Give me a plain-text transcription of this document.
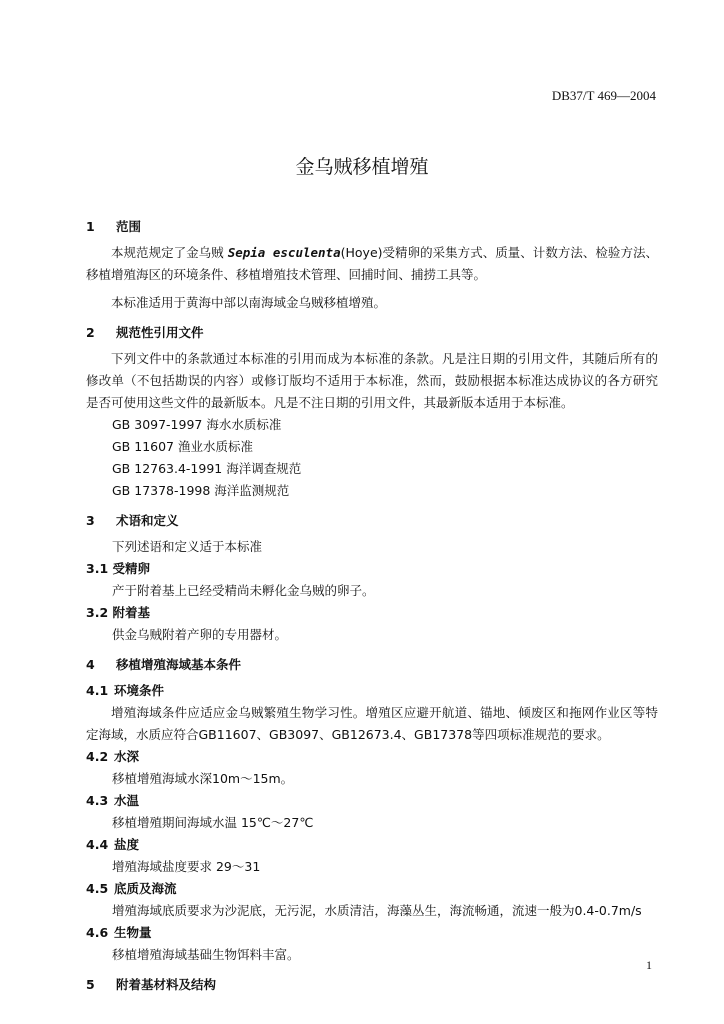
DB37/T 469—2004
金乌贼移植增殖
1 范围

本规范规定了金乌贼 Sepia esculenta(Hoye)受精卵的采集方式、质量、计数方法、检验方法、移植增殖海区的环境条件、移植增殖技术管理、回捕时间、捕捞工具等。

本标准适用于黄海中部以南海域金乌贼移植增殖。

2 规范性引用文件

下列文件中的条款通过本标准的引用而成为本标准的条款。凡是注日期的引用文件，其随后所有的修改单（不包括勘误的内容）或修订版均不适用于本标准，然而，鼓励根据本标准达成协议的各方研究是否可使用这些文件的最新版本。凡是不注日期的引用文件，其最新版本适用于本标准。

GB 3097-1997 海水水质标准
GB 11607 渔业水质标准
GB 12763.4-1991 海洋调查规范
GB 17378-1998 海洋监测规范
3 术语和定义
下列述语和定义适于本标准
3.1 受精卵
产于附着基上已经受精尚未孵化金乌贼的卵子。
3.2 附着基
供金乌贼附着产卵的专用器材。
4 移植增殖海域基本条件
4.1 环境条件

增殖海域条件应适应金乌贼繁殖生物学习性。增殖区应避开航道、锚地、倾废区和拖网作业区等特定海域，水质应符合GB11607、GB3097、GB12673.4、GB17378等四项标准规范的要求。

4.2 水深
移植增殖海域水深10m～15m。
4.3 水温
移植增殖期间海域水温 15℃～27℃
4.4 盐度
增殖海域盐度要求 29～31
4.5 底质及海流
增殖海域底质要求为沙泥底，无污泥，水质清洁，海藻丛生，海流畅通，流速一般为0.4-0.7m/s
4.6 生物量
移植增殖海域基础生物饵料丰富。
5 附着基材料及结构
1
